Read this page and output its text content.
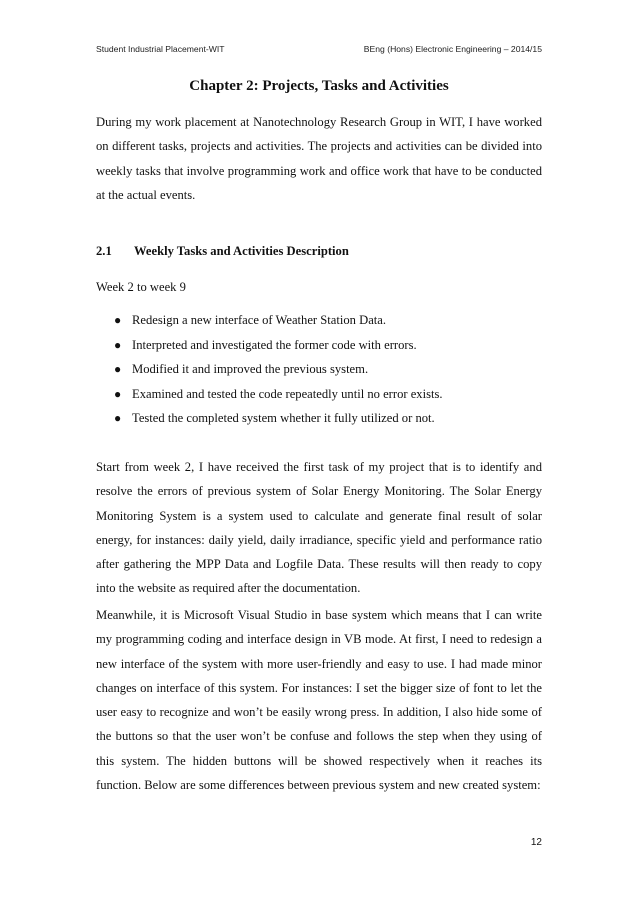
Student Industrial Placement-WIT	BEng (Hons) Electronic Engineering – 2014/15
Chapter 2: Projects, Tasks and Activities

During my work placement at Nanotechnology Research Group in WIT, I have worked on different tasks, projects and activities. The projects and activities can be divided into weekly tasks that involve programming work and office work that have to be conducted at the actual events.

2.1 Weekly Tasks and Activities Description
Week 2 to week 9
● Redesign a new interface of Weather Station Data.
● Interpreted and investigated the former code with errors.
● Modified it and improved the previous system.
● Examined and tested the code repeatedly until no error exists.
● Tested the completed system whether it fully utilized or not.

Start from week 2, I have received the first task of my project that is to identify and resolve the errors of previous system of Solar Energy Monitoring. The Solar Energy Monitoring System is a system used to calculate and generate final result of solar energy, for instances: daily yield, daily irradiance, specific yield and performance ratio after gathering the MPP Data and Logfile Data. These results will then ready to copy into the website as required after the documentation.

Meanwhile, it is Microsoft Visual Studio in base system which means that I can write my programming coding and interface design in VB mode. At first, I need to redesign a new interface of the system with more user-friendly and easy to use. I had made minor changes on interface of this system. For instances: I set the bigger size of font to let the user easy to recognize and won’t be easily wrong press. In addition, I also hide some of the buttons so that the user won’t be confuse and follows the step when they using of this system. The hidden buttons will be showed respectively when it reaches its function. Below are some differences between previous system and new created system:

12
